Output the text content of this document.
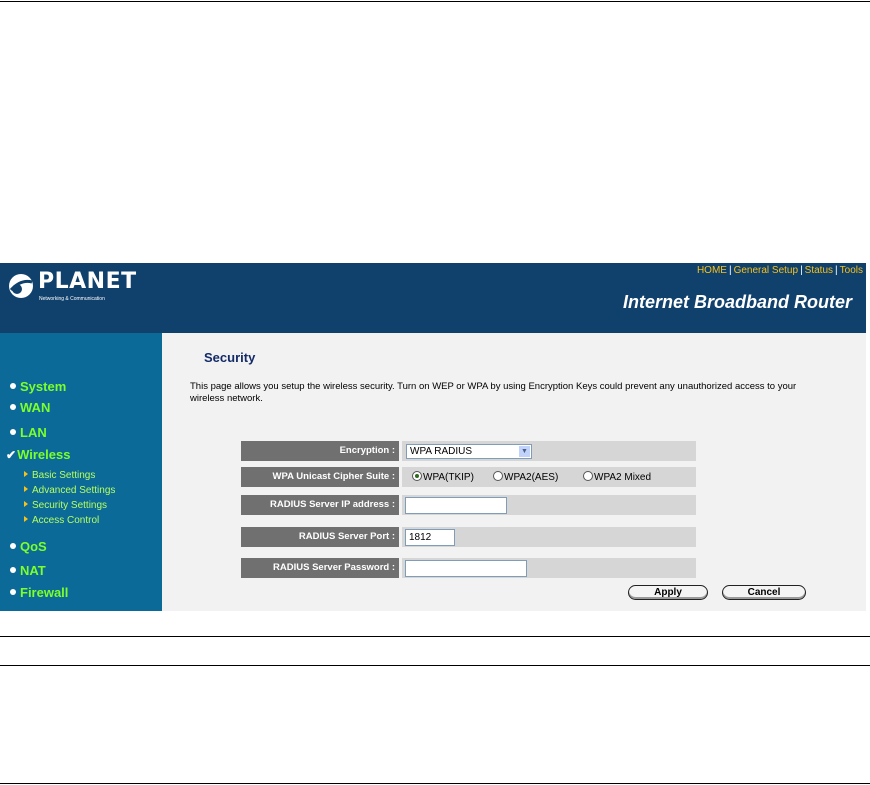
PLANET
Networking & Communication
HOME | General Setup | Status | Tools
Internet Broadband Router
System
WAN
LAN
✔Wireless
Basic Settings
Advanced Settings
Security Settings
Access Control
QoS
NAT
Firewall
Security
This page allows you setup the wireless security. Turn on WEP or WPA by using Encryption Keys could prevent any unauthorized access to your wireless network.
Encryption :	WPA RADIUS	▼
WPA Unicast Cipher Suite :	WPA(TKIP)	WPA2(AES)	WPA2 Mixed
RADIUS Server IP address :
RADIUS Server Port :	1812
RADIUS Server Password :
Apply	Cancel
